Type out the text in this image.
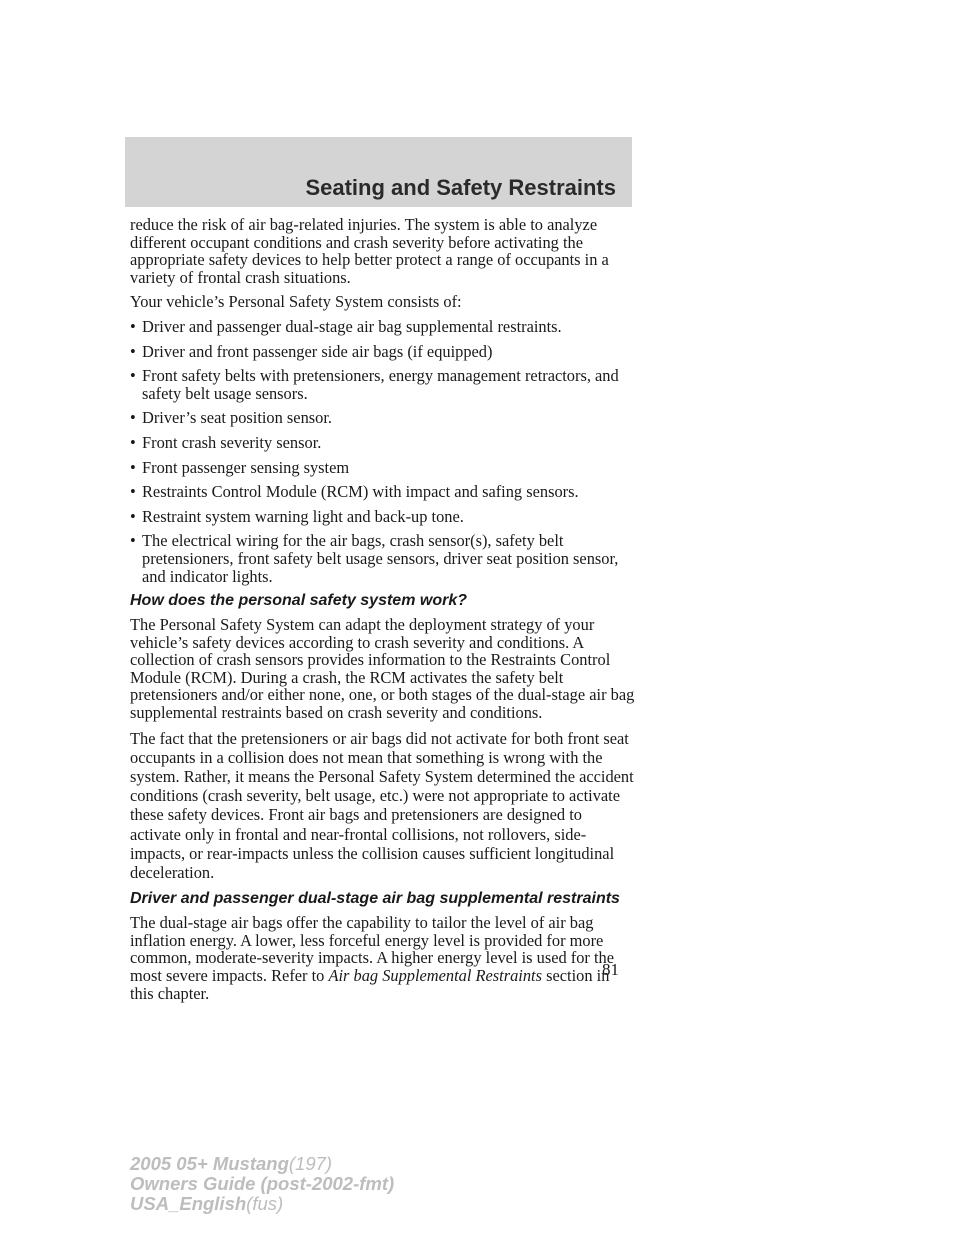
Seating and Safety Restraints

reduce the risk of air bag-related injuries. The system is able to analyze different occupant conditions and crash severity before activating the appropriate safety devices to help better protect a range of occupants in a variety of frontal crash situations.

Your vehicle’s Personal Safety System consists of:

• Driver and passenger dual-stage air bag supplemental restraints.
• Driver and front passenger side air bags (if equipped)
• Front safety belts with pretensioners, energy management retractors, and safety belt usage sensors.
• Driver’s seat position sensor.
• Front crash severity sensor.
• Front passenger sensing system
• Restraints Control Module (RCM) with impact and safing sensors.
• Restraint system warning light and back-up tone.
• The electrical wiring for the air bags, crash sensor(s), safety belt pretensioners, front safety belt usage sensors, driver seat position sensor, and indicator lights.
How does the personal safety system work?

The Personal Safety System can adapt the deployment strategy of your vehicle’s safety devices according to crash severity and conditions. A collection of crash sensors provides information to the Restraints Control Module (RCM). During a crash, the RCM activates the safety belt pretensioners and/or either none, one, or both stages of the dual-stage air bag supplemental restraints based on crash severity and conditions.

The fact that the pretensioners or air bags did not activate for both front seat occupants in a collision does not mean that something is wrong with the system. Rather, it means the Personal Safety System determined the accident conditions (crash severity, belt usage, etc.) were not appropriate to activate these safety devices. Front air bags and pretensioners are designed to activate only in frontal and near-frontal collisions, not rollovers, side-impacts, or rear-impacts unless the collision causes sufficient longitudinal deceleration.

Driver and passenger dual-stage air bag supplemental restraints

The dual-stage air bags offer the capability to tailor the level of air bag inflation energy. A lower, less forceful energy level is provided for more common, moderate-severity impacts. A higher energy level is used for the most severe impacts. Refer to Air bag Supplemental Restraints section in this chapter.

81
2005 05+ Mustang(197)
Owners Guide (post-2002-fmt)
USA_English(fus)
